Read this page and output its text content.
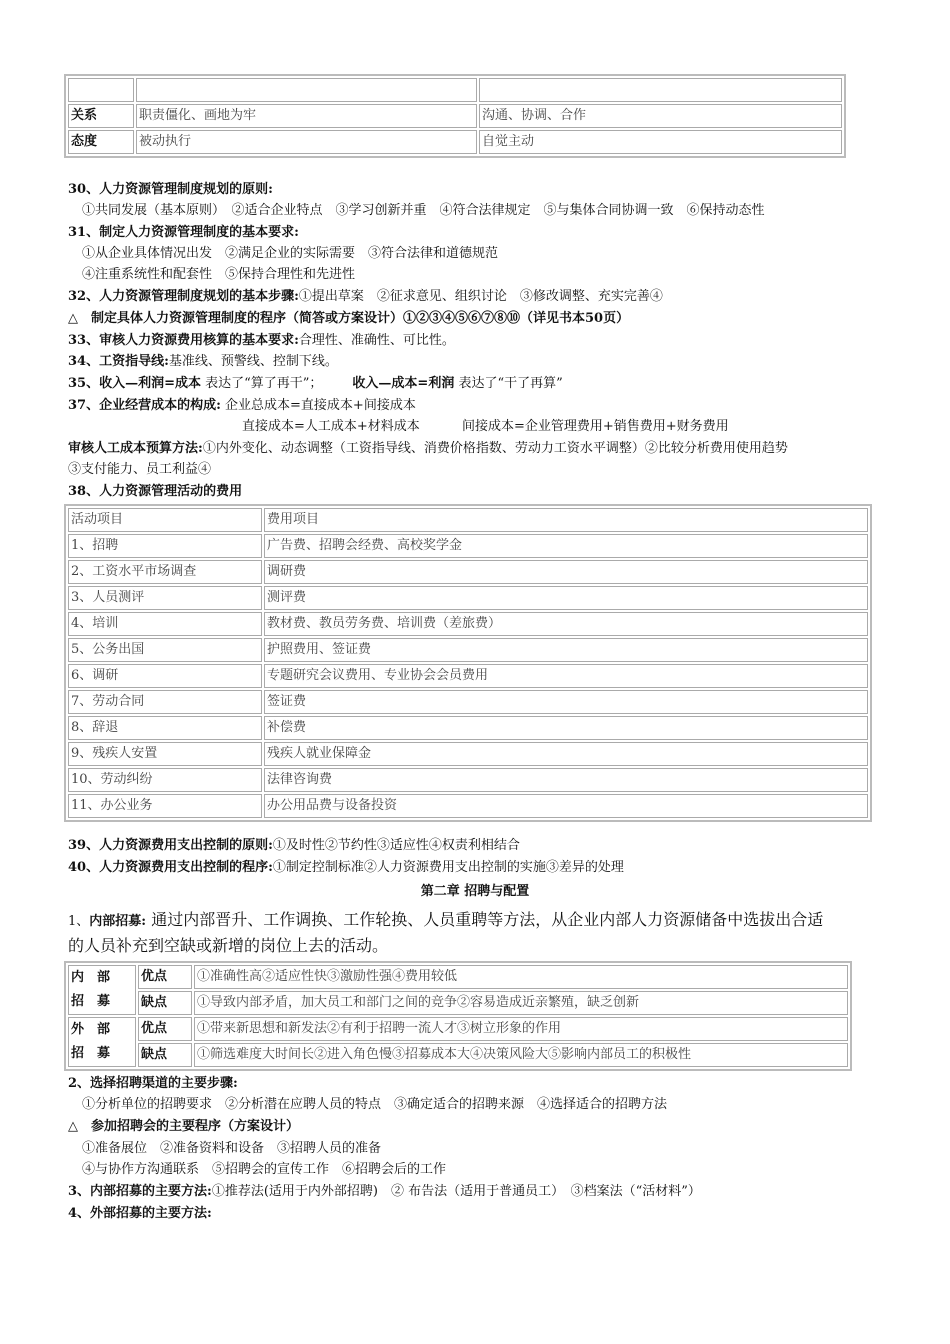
关系	职责僵化、画地为牢	沟通、协调、合作
态度	被动执行	自觉主动
30、人力资源管理制度规划的原则:
①共同发展（基本原则）　②适合企业特点　③学习创新并重　④符合法律规定　⑤与集体合同协调一致　⑥保持动态性
31、制定人力资源管理制度的基本要求:
①从企业具体情况出发　②满足企业的实际需要　③符合法律和道德规范
④注重系统性和配套性　⑤保持合理性和先进性
32、人力资源管理制度规划的基本步骤:①提出草案　②征求意见、组织讨论　③修改调整、充实完善④
△　制定具体人力资源管理制度的程序（简答或方案设计）①②③④⑤⑥⑦⑧⑩（详见书本50页）
33、审核人力资源费用核算的基本要求:合理性、准确性、可比性。
34、工资指导线:基准线、预警线、控制下线。
35、收入—利润=成本 表达了“算了再干”； 收入—成本=利润 表达了“干了再算”
37、企业经营成本的构成: 企业总成本=直接成本+间接成本
直接成本=人工成本+材料成本	间接成本=企业管理费用+销售费用+财务费用
审核人工成本预算方法:①内外变化、动态调整（工资指导线、消费价格指数、劳动力工资水平调整）②比较分析费用使用趋势
③支付能力、员工利益④
38、人力资源管理活动的费用
活动项目	费用项目
1、招聘	广告费、招聘会经费、高校奖学金
2、工资水平市场调查	调研费
3、人员测评	测评费
4、培训	教材费、教员劳务费、培训费（差旅费）
5、公务出国	护照费用、签证费
6、调研	专题研究会议费用、专业协会会员费用
7、劳动合同	签证费
8、辞退	补偿费
9、残疾人安置	残疾人就业保障金
10、劳动纠纷	法律咨询费
11、办公业务	办公用品费与设备投资
39、人力资源费用支出控制的原则:①及时性②节约性③适应性④权责利相结合
40、人力资源费用支出控制的程序:①制定控制标准②人力资源费用支出控制的实施③差异的处理
第二章 招聘与配置
1、内部招募: 通过内部晋升、工作调换、工作轮换、人员重聘等方法，从企业内部人力资源储备中选拔出合适
的人员补充到空缺或新增的岗位上去的活动。
内　部
招　募	优点	①准确性高②适应性快③激励性强④费用较低
	缺点	①导致内部矛盾，加大员工和部门之间的竞争②容易造成近亲繁殖，缺乏创新
外　部
招　募	优点	①带来新思想和新发法②有利于招聘一流人才③树立形象的作用
	缺点	①筛选难度大时间长②进入角色慢③招募成本大④决策风险大⑤影响内部员工的积极性
2、选择招聘渠道的主要步骤:
①分析单位的招聘要求　②分析潜在应聘人员的特点　③确定适合的招聘来源　④选择适合的招聘方法
△　参加招聘会的主要程序（方案设计）
①准备展位　②准备资料和设备　③招聘人员的准备
④与协作方沟通联系　⑤招聘会的宣传工作　⑥招聘会后的工作
3、内部招募的主要方法:①推荐法(适用于内外部招聘)　② 布告法（适用于普通员工）　③档案法（“活材料”）
4、外部招募的主要方法:
